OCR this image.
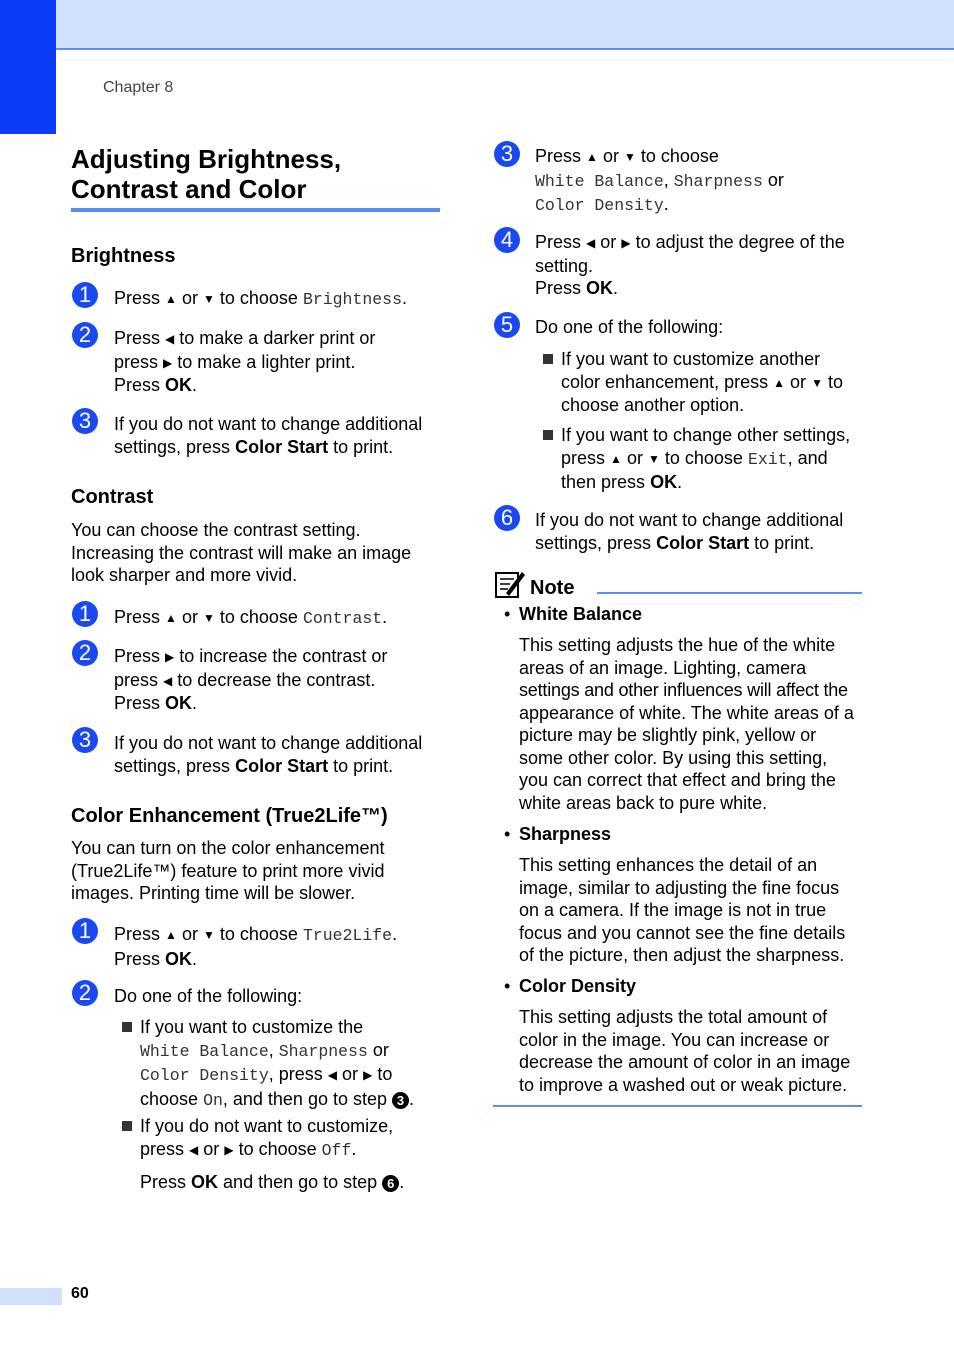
Chapter 8
Adjusting Brightness,
Contrast and Color
Brightness
1	Press ▲ or ▼ to choose Brightness.
2	Press ◀ to make a darker print or
press ▶ to make a lighter print.
Press OK.
3	If you do not want to change additional
settings, press Color Start to print.
Contrast
You can choose the contrast setting.
Increasing the contrast will make an image
look sharper and more vivid.
1	Press ▲ or ▼ to choose Contrast.
2	Press ▶ to increase the contrast or
press ◀ to decrease the contrast.
Press OK.
3	If you do not want to change additional
settings, press Color Start to print.
Color Enhancement (True2Life™)
You can turn on the color enhancement
(True2Life™) feature to print more vivid
images. Printing time will be slower.
1	Press ▲ or ▼ to choose True2Life.
Press OK.
2	Do one of the following:
If you want to customize the
White Balance, Sharpness or
Color Density, press ◀ or ▶ to
choose On, and then go to step 3 .
If you do not want to customize,
press ◀ or ▶ to choose Off.
Press OK and then go to step 6 .
3	Press ▲ or ▼ to choose
White Balance, Sharpness or
Color Density.
4	Press ◀ or ▶ to adjust the degree of the
setting.
Press OK.
5	Do one of the following:
If you want to customize another
color enhancement, press ▲ or ▼ to
choose another option.
If you want to change other settings,
press ▲ or ▼ to choose Exit, and
then press OK.
6	If you do not want to change additional
settings, press Color Start to print.
Note
• White Balance
This setting adjusts the hue of the white
areas of an image. Lighting, camera
settings and other influences will affect the
appearance of white. The white areas of a
picture may be slightly pink, yellow or
some other color. By using this setting,
you can correct that effect and bring the
white areas back to pure white.
• Sharpness
This setting enhances the detail of an
image, similar to adjusting the fine focus
on a camera. If the image is not in true
focus and you cannot see the fine details
of the picture, then adjust the sharpness.
• Color Density
This setting adjusts the total amount of
color in the image. You can increase or
decrease the amount of color in an image
to improve a washed out or weak picture.
60
